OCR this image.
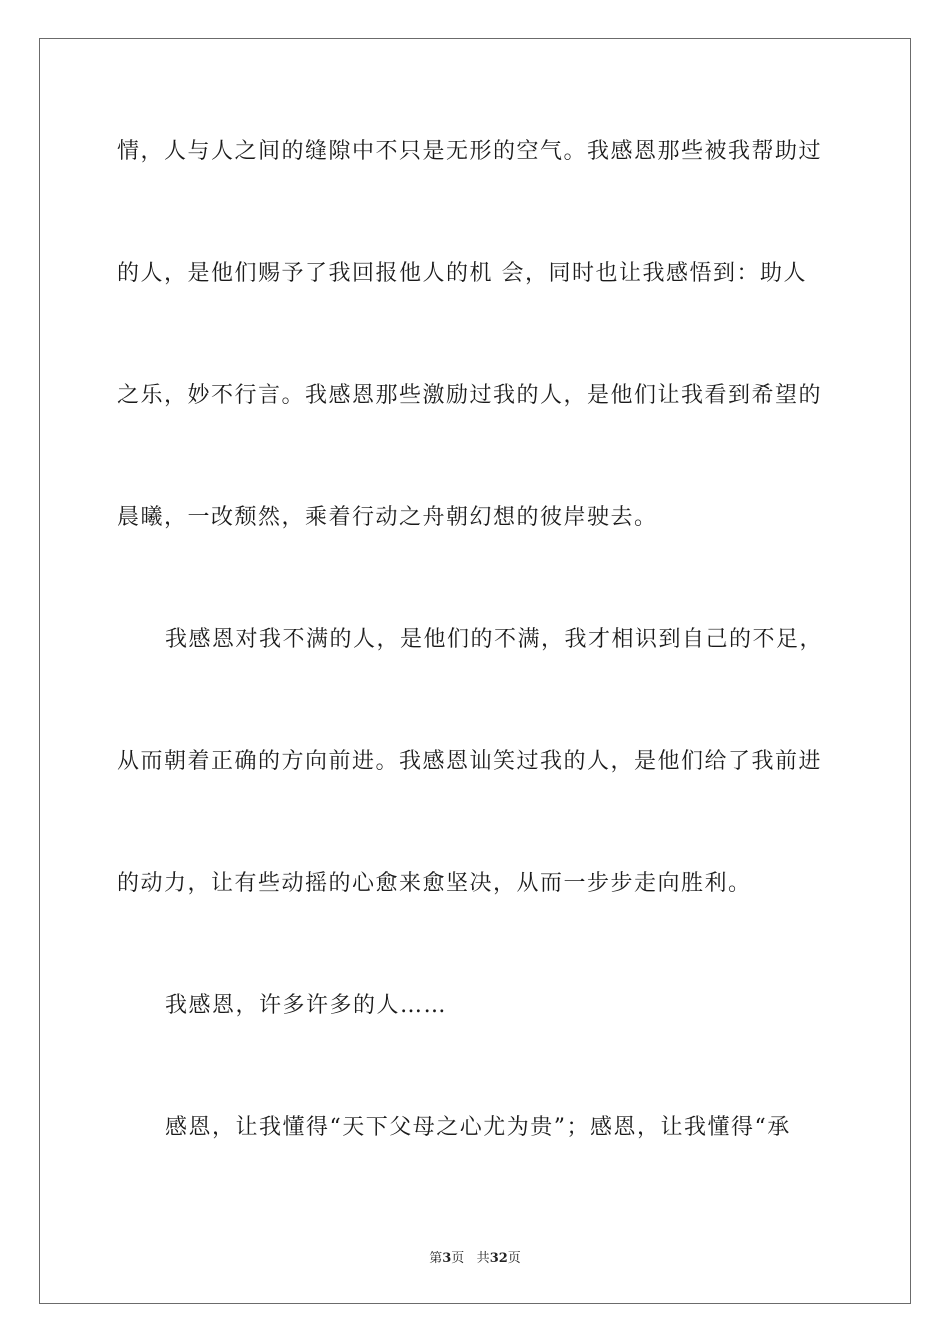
情，人与人之间的缝隙中不只是无形的空气。我感恩那些被我帮助过
的人，是他们赐予了我回报他人的机 会，同时也让我感悟到：助人
之乐，妙不行言。我感恩那些激励过我的人，是他们让我看到希望的
晨曦，一改颓然，乘着行动之舟朝幻想的彼岸驶去。
我感恩对我不满的人，是他们的不满，我才相识到自己的不足，
从而朝着正确的方向前进。我感恩讪笑过我的人，是他们给了我前进
的动力，让有些动摇的心愈来愈坚决，从而一步步走向胜利。
我感恩，许多许多的人……
感恩，让我懂得“天下父母之心尤为贵”；感恩，让我懂得“承
第3页 共32页
